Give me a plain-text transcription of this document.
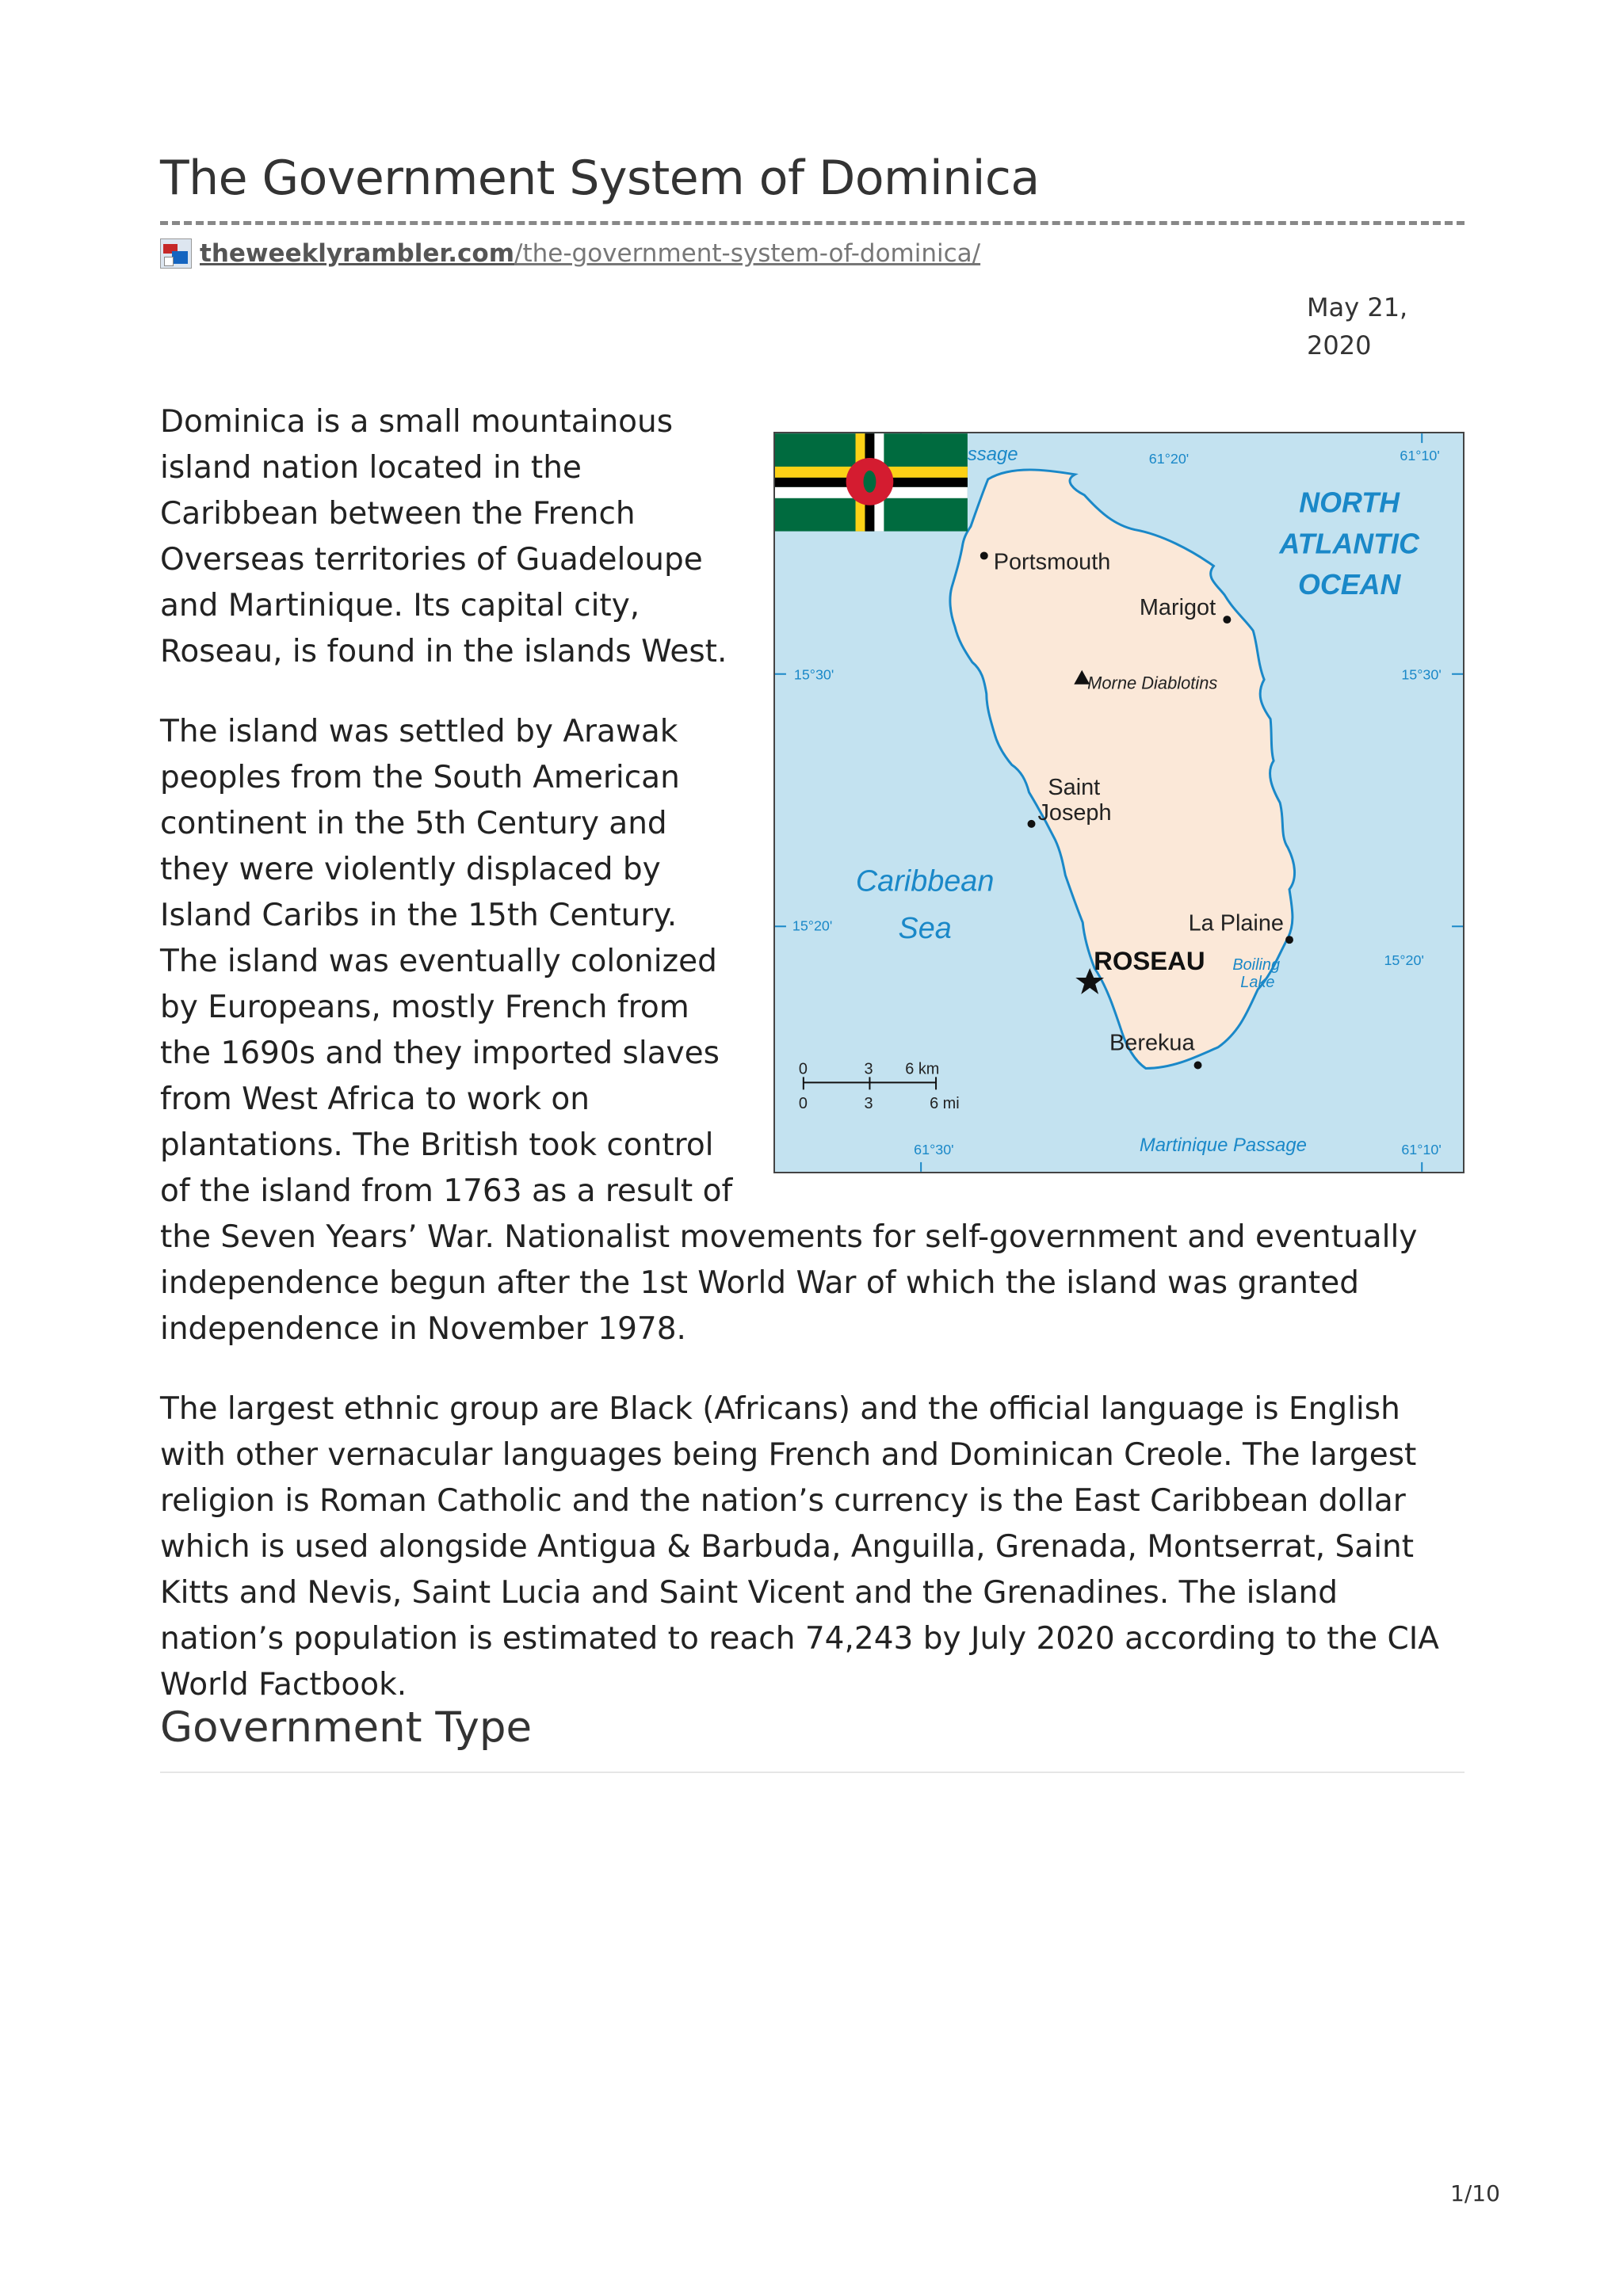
The Government System of Dominica
theweeklyrambler.com/the-government-system-of-dominica/
May 21,
2020
ssage	61°20'	61°10'
NORTH
ATLANTIC
OCEAN
Portsmouth
Marigot
15°30'	15°30'
Morne Diablotins
Saint
Joseph
Caribbean
Sea
15°20'	La Plaine
15°20'
ROSEAU Boiling
Lake
Berekua
0	3 6 km
0	3	6 mi
61°30'	Martinique Passage	61°10'

Dominica is a small mountainous island nation located in the Caribbean between the French Overseas territories of Guadeloupe and Martinique. Its capital city, Roseau, is found in the islands West.

The island was settled by Arawak peoples from the South American continent in the 5th Century and they were violently displaced by Island Caribs in the 15th Century. The island was eventually colonized by Europeans, mostly French from the 1690s and they imported slaves from West Africa to work on plantations. The British took control of the island from 1763 as a result of the Seven Years’ War. Nationalist movements for self-government and eventually independence begun after the 1st World War of which the island was granted independence in November 1978.

The largest ethnic group are Black (Africans) and the official language is English with other vernacular languages being French and Dominican Creole. The largest religion is Roman Catholic and the nation’s currency is the East Caribbean dollar which is used alongside Antigua & Barbuda, Anguilla, Grenada, Montserrat, Saint Kitts and Nevis, Saint Lucia and Saint Vicent and the Grenadines. The island nation’s population is estimated to reach 74,243 by July 2020 according to the CIA World Factbook.

Government Type
1/10
